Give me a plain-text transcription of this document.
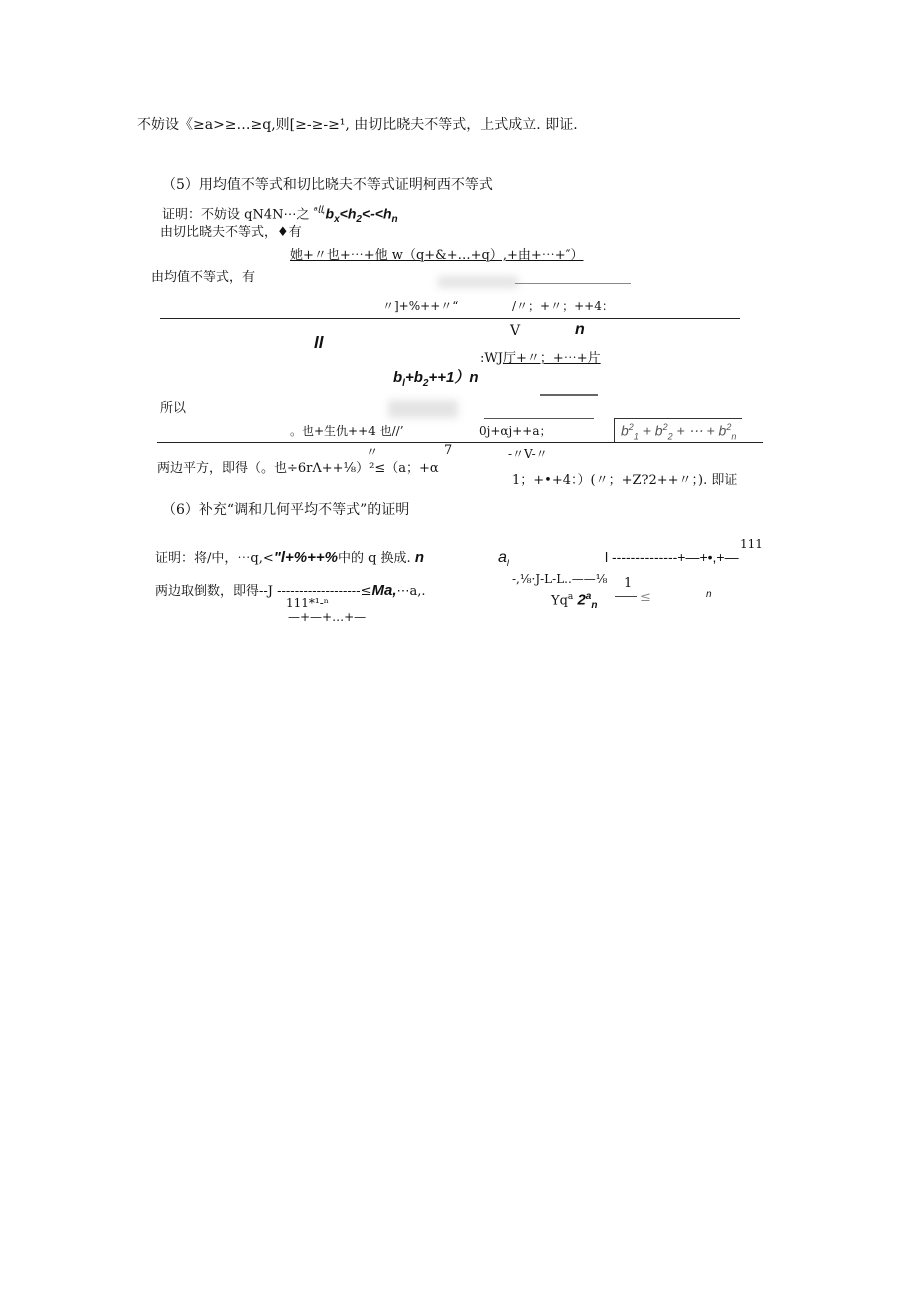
不妨设《≥a>≥…≥q,则[≥-≥-≥¹, 由切比晓夫不等式，上式成立. 即证.
（5）用均值不等式和切比晓夫不等式证明柯西不等式
证明：不妨设 qN4N⋯之 $^{ᵃ𝗅𝗅,}b_x<h_2<-<h_n$
由切比晓夫不等式，♦有
她+〃也+⋯+他 w（q+&+…+q）,+由+⋯+″）
由均值不等式，有
〃]+%++〃“	/〃；+〃；++4：
V	n
ll
:WJ厅+〃；+⋯+片
$b_l+b_2++1)n$
所以
。也+生仇++4 也//’	0j+αj++a；	$b^2_1 + b^2_2$ + ⋯ + $b^2_n$
〃	7	-〃V-〃
两边平方，即得（。也÷6rΛ++⅛）²≤（a；+α
1；+•+4：）(〃；+Z?2++〃；). 即证
（6）补充“调和几何平均不等式”的证明
证明：将/中，⋯q,<"l+%++%中的 q 换成. n	$a_l$	l --------------+—+•,+—
111
两边取倒数，即得--J -------------------≤Ma,⋯a,.
-,⅛·J-L-L..——⅛ 1
Yq$^a$ $2^a_n$
≤	n
111*¹-ⁿ
—+—+…+—
